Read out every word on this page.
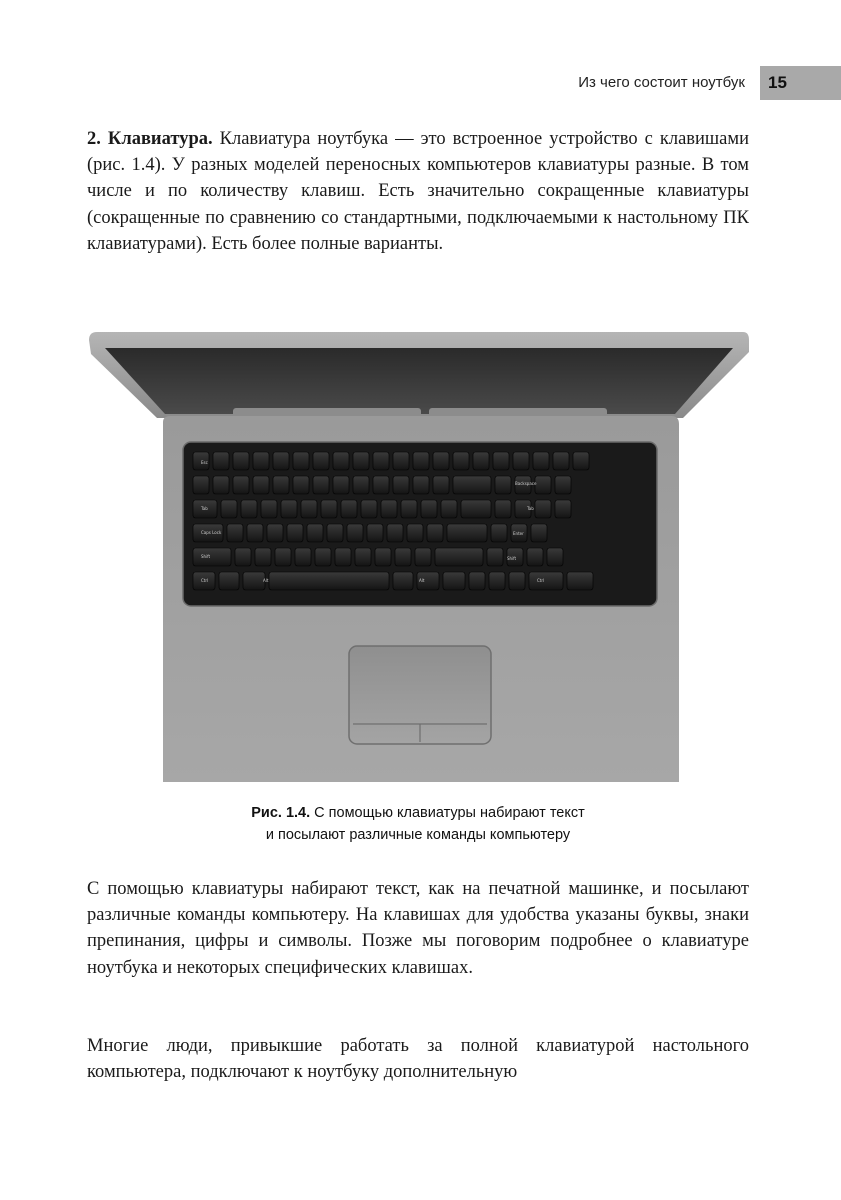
Из чего состоит ноутбук	15

2. Клавиатура. Клавиатура ноутбука — это встроенное устройство с клавишами (рис. 1.4). У разных моделей переносных компьютеров клавиатуры разные. В том числе и по количеству клавиш. Есть значительно сокращенные клавиатуры (сокращенные по сравнению со стандартными, подключаемыми к настольному ПК клавиатурами). Есть более полные варианты.

Esc
Backspace
Tab
Caps Lock	Enter
Shift	Shift
Ctrl	Alt	Alt	Ctrl
Tab
Рис. 1.4. С помощью клавиатуры набирают текст
и посылают различные команды компьютеру

С помощью клавиатуры набирают текст, как на печатной машинке, и посылают различные команды компьютеру. На клавишах для удобства указаны буквы, знаки препинания, цифры и символы. Позже мы поговорим подробнее о клавиатуре ноутбука и некоторых специфических клавишах.

Многие люди, привыкшие работать за полной клавиатурой настольного компьютера, подключают к ноутбуку дополнительную
